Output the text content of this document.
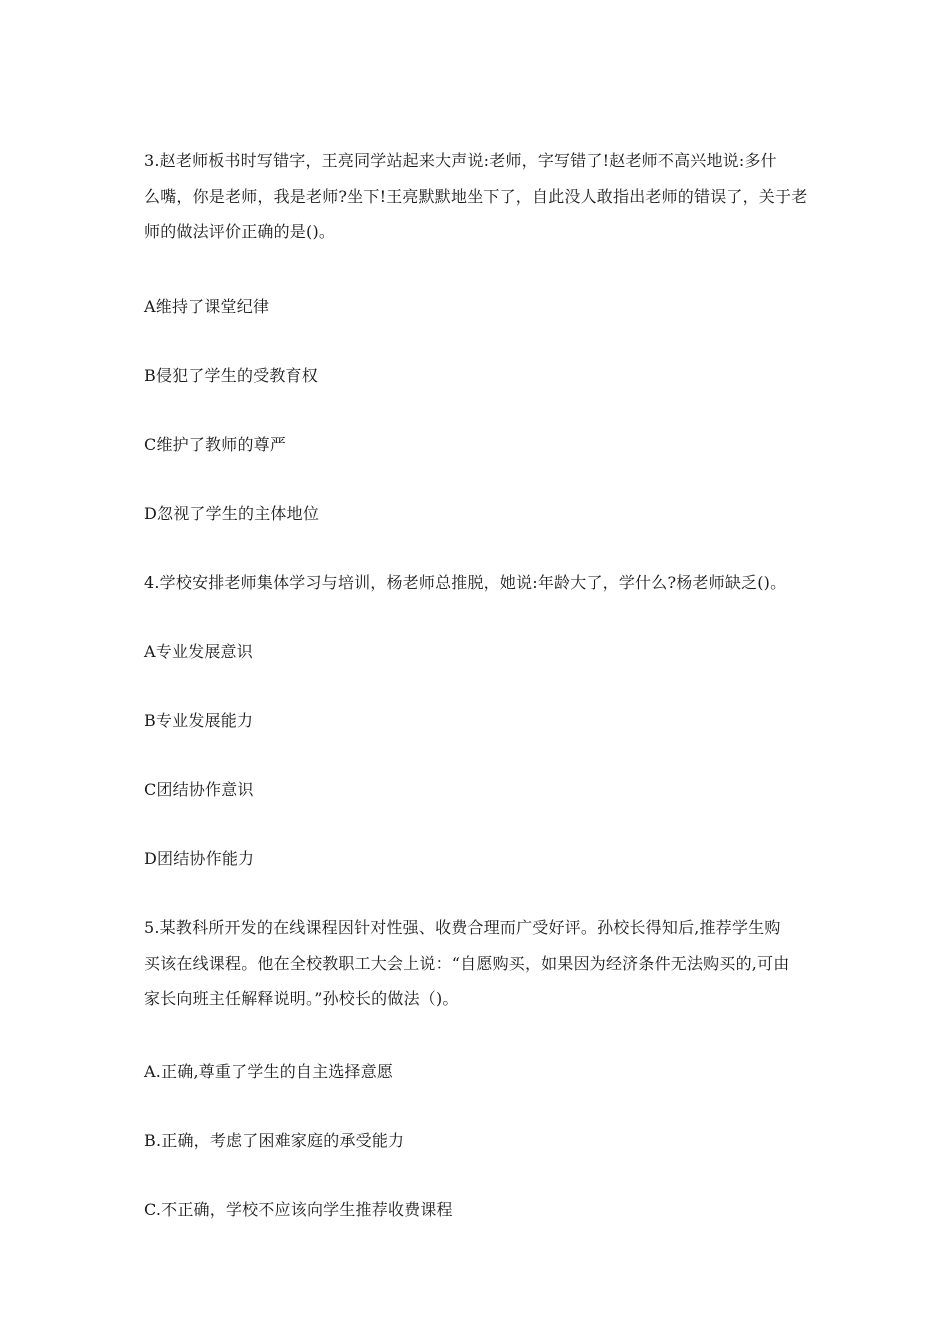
3.赵老师板书时写错字，王亮同学站起来大声说:老师，字写错了!赵老师不高兴地说:多什
么嘴，你是老师，我是老师?坐下!王亮默默地坐下了，自此没人敢指出老师的错误了，关于老
师的做法评价正确的是()。
A维持了课堂纪律
B侵犯了学生的受教育权
C维护了教师的尊严
D忽视了学生的主体地位
4.学校安排老师集体学习与培训，杨老师总推脱，她说:年龄大了，学什么?杨老师缺乏()。
A专业发展意识
B专业发展能力
C团结协作意识
D团结协作能力
5.某教科所开发的在线课程因针对性强、收费合理而广受好评。孙校长得知后,推荐学生购
买该在线课程。他在全校教职工大会上说：“自愿购买，如果因为经济条件无法购买的,可由
家长向班主任解释说明。”孙校长的做法（)。
A.正确,尊重了学生的自主选择意愿
B.正确，考虑了困难家庭的承受能力
C.不正确，学校不应该向学生推荐收费课程
